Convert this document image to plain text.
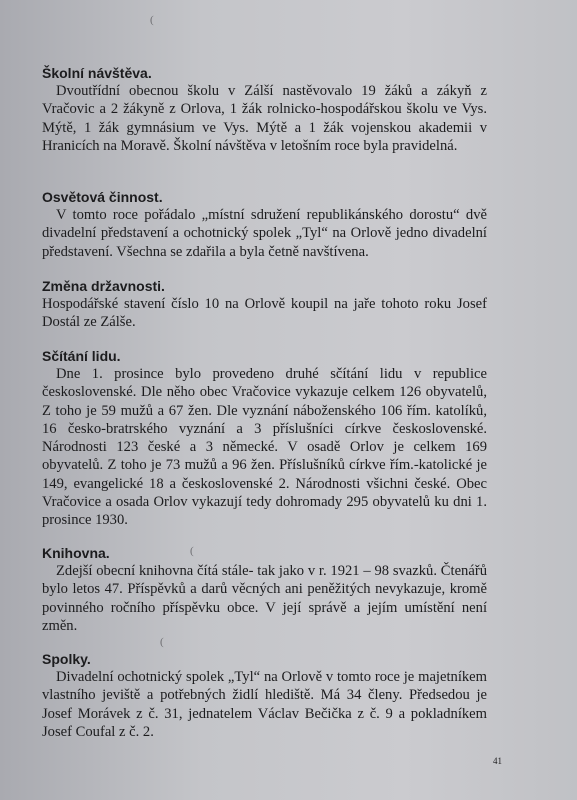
(

Školní návštěva.

Dvoutřídní obecnou školu v Zálší nastěvovalo 19 žáků a zákyň z Vračovic a 2 žákyně z Orlova, 1 žák rolnicko-hospodářskou školu ve Vys. Mýtě, 1 žák gymnásium ve Vys. Mýtě a 1 žák vojenskou akademii v Hranicích na Moravě. Školní návštěva v letošním roce byla pravidelná.

Osvětová činnost.

V tomto roce pořádalo „místní sdružení republikánského dorostu“ dvě divadelní představení a ochotnický spolek „Tyl“ na Orlově jedno divadelní představení. Všechna se zdařila a byla četně navštívena.

Změna državnosti.

Hospodářské stavení číslo 10 na Orlově koupil na jaře tohoto roku Josef Dostál ze Zálše.

Sčítání lidu.

Dne 1. prosince bylo provedeno druhé sčítání lidu v republice československé. Dle něho obec Vračovice vykazuje celkem 126 obyvatelů, Z toho je 59 mužů a 67 žen. Dle vyznání náboženského 106 řím. katolíků, 16 česko-bratrského vyznání a 3 příslušníci církve československé. Národnosti 123 české a 3 německé. V osadě Orlov je celkem 169 obyvatelů. Z toho je 73 mužů a 96 žen. Příslušníků církve řím.-katolické je 149, evangelické 18 a československé 2. Národnosti všichni české. Obec Vračovice a osada Orlov vykazují tedy dohromady 295 obyvatelů ku dni 1. prosince 1930.

(

Knihovna.

Zdejší obecní knihovna čítá stále- tak jako v r. 1921 – 98 svazků. Čtenářů bylo letos 47. Příspěvků a darů věcných ani peněžitých nevykazuje, kromě povinného ročního příspěvku obce. V její správě a jejím umístění není změn.

(

Spolky.

Divadelní ochotnický spolek „Tyl“ na Orlově v tomto roce je majetníkem vlastního jeviště a potřebných židlí hlediště. Má 34 členy. Předsedou je Josef Morávek z č. 31, jednatelem Václav Bečička z č. 9 a pokladníkem Josef Coufal z č. 2.

41
